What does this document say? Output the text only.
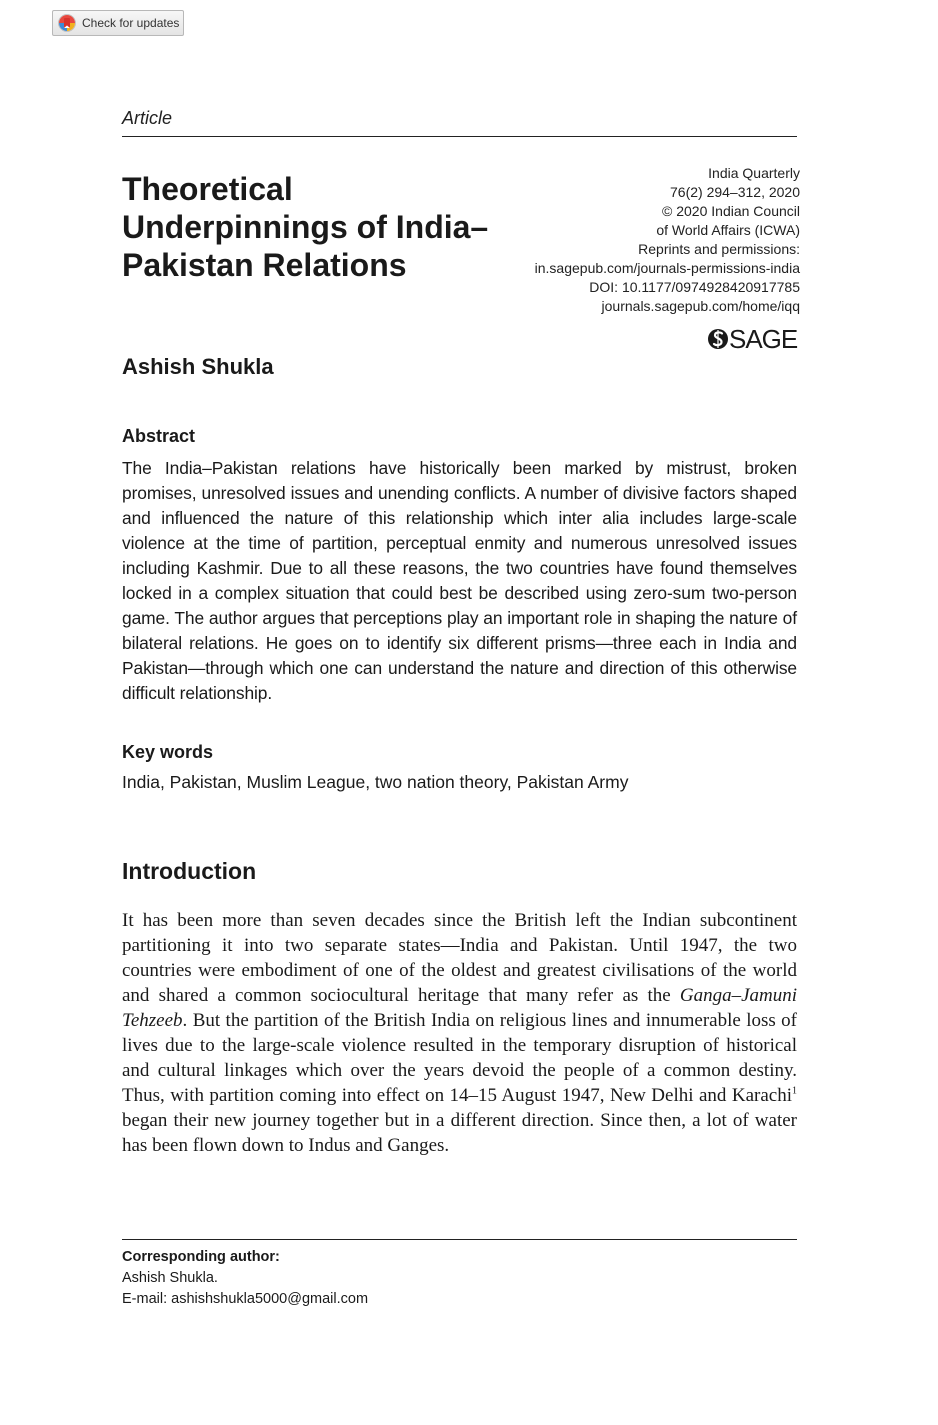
Check for updates
Article
Theoretical
Underpinnings of India–
Pakistan Relations
India Quarterly
76(2) 294–312, 2020
© 2020 Indian Council
of World Affairs (ICWA)
Reprints and permissions:
in.sagepub.com/journals-permissions-india
DOI: 10.1177/0974928420917785
journals.sagepub.com/home/iqq
SAGE
Ashish Shukla
Abstract

The India–Pakistan relations have historically been marked by mistrust, broken promises, unresolved issues and unending conflicts. A number of divisive factors shaped and influenced the nature of this relationship which inter alia includes large-scale violence at the time of partition, perceptual enmity and numerous unresolved issues including Kashmir. Due to all these reasons, the two countries have found themselves locked in a complex situation that could best be described using zero-sum two-person game. The author argues that perceptions play an important role in shaping the nature of bilateral relations. He goes on to identify six different prisms—three each in India and Pakistan—through which one can understand the nature and direction of this otherwise difficult relationship.

Key words
India, Pakistan, Muslim League, two nation theory, Pakistan Army
Introduction

It has been more than seven decades since the British left the Indian subcontinent partitioning it into two separate states—India and Pakistan. Until 1947, the two countries were embodiment of one of the oldest and greatest civilisations of the world and shared a common sociocultural heritage that many refer as the Ganga–Jamuni Tehzeeb. But the partition of the British India on religious lines and innumerable loss of lives due to the large-scale violence resulted in the temporary disruption of historical and cultural linkages which over the years devoid the people of a common destiny. Thus, with partition coming into effect on 14–15 August 1947, New Delhi and Karachi$^1$ began their new journey together but in a different direction. Since then, a lot of water has been flown down to Indus and Ganges.

Corresponding author:
Ashish Shukla.
E-mail: ashishshukla5000@gmail.com
